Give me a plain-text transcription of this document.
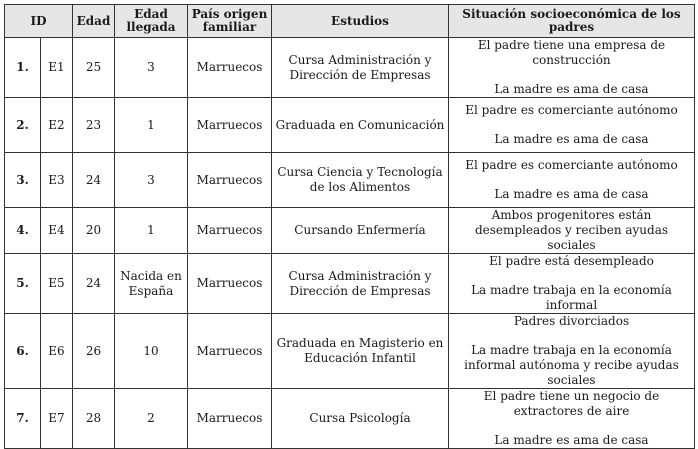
ID		Edad	Edad llegada	País origen familiar	Estudios	Situación socioeconómica de los padres
1.	E1	25	3	Marruecos	Cursa Administración y Dirección de Empresas	El padre tiene una empresa de construcción
La madre es ama de casa

2.	E2	23	1	Marruecos	Graduada en Comunicación	El padre es comerciante autónomo
La madre es ama de casa

3.	E3	24	3	Marruecos	Cursa Ciencia y Tecnología de los Alimentos	El padre es comerciante autónomo
La madre es ama de casa

4.	E4	20	1	Marruecos	Cursando Enfermería	Ambos progenitores están desempleados y reciben ayudas sociales

5.	E5	24	Nacida en España	Marruecos	Cursa Administración y Dirección de Empresas	El padre está desempleado
La madre trabaja en la economía informal

6.	E6	26	10	Marruecos	Graduada en Magisterio en Educación Infantil	Padres divorciados
La madre trabaja en la economía informal autónoma y recibe ayudas sociales

7.	E7	28	2	Marruecos	Cursa Psicología	El padre tiene un negocio de extractores de aire
La madre es ama de casa
